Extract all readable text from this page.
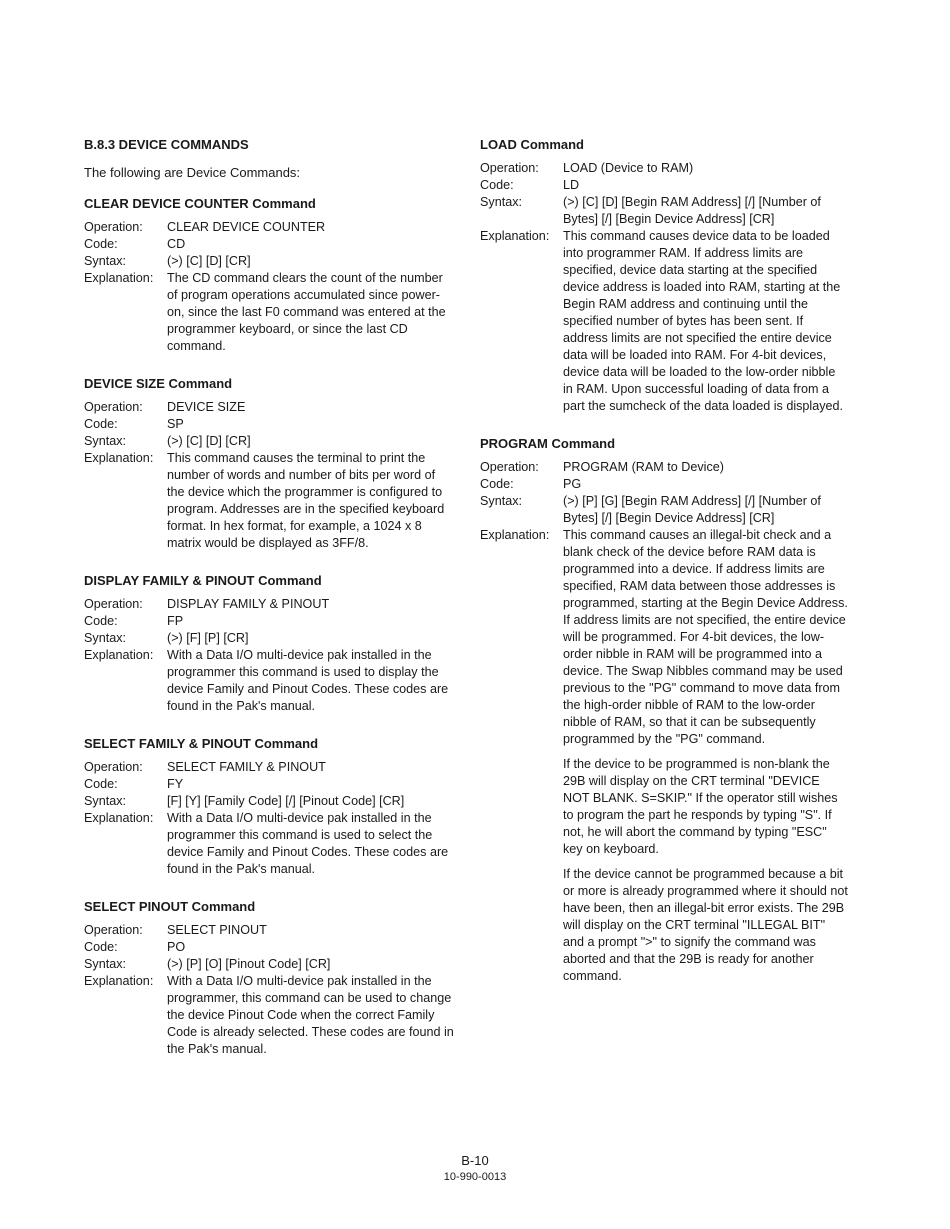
B.8.3 DEVICE COMMANDS
The following are Device Commands:
CLEAR DEVICE COUNTER Command
Operation:	CLEAR DEVICE COUNTER
Code:	CD
Syntax:	(>) [C] [D] [CR]
Explanation:	The CD command clears the count of the number of program operations accumulated since power-on, since the last F0 command was entered at the programmer keyboard, or since the last CD command.
DEVICE SIZE Command
Operation:	DEVICE SIZE
Code:	SP
Syntax:	(>) [C] [D] [CR]
Explanation:	This command causes the terminal to print the number of words and number of bits per word of the device which the programmer is configured to program. Addresses are in the specified keyboard format. In hex format, for example, a 1024 x 8 matrix would be displayed as 3FF/8.
DISPLAY FAMILY & PINOUT Command
Operation:	DISPLAY FAMILY & PINOUT
Code:	FP
Syntax:	(>) [F] [P] [CR]
Explanation:	With a Data I/O multi-device pak installed in the programmer this command is used to display the device Family and Pinout Codes. These codes are found in the Pak's manual.
SELECT FAMILY & PINOUT Command
Operation:	SELECT FAMILY & PINOUT
Code:	FY
Syntax:	[F] [Y] [Family Code] [/] [Pinout Code] [CR]
Explanation:	With a Data I/O multi-device pak installed in the programmer this command is used to select the device Family and Pinout Codes. These codes are found in the Pak's manual.
SELECT PINOUT Command
Operation:	SELECT PINOUT
Code:	PO
Syntax:	(>) [P] [O] [Pinout Code] [CR]
Explanation:	With a Data I/O multi-device pak installed in the programmer, this command can be used to change the device Pinout Code when the correct Family Code is already selected. These codes are found in the Pak's manual.
LOAD Command
Operation:	LOAD (Device to RAM)
Code:	LD
Syntax:	(>) [C] [D] [Begin RAM Address] [/] [Number of Bytes] [/] [Begin Device Address] [CR]
Explanation:	This command causes device data to be loaded into programmer RAM. If address limits are specified, device data starting at the specified device address is loaded into RAM, starting at the Begin RAM address and continuing until the specified number of bytes has been sent. If address limits are not specified the entire device data will be loaded into RAM. For 4-bit devices, device data will be loaded to the low-order nibble in RAM. Upon successful loading of data from a part the sumcheck of the data loaded is displayed.
PROGRAM Command
Operation:	PROGRAM (RAM to Device)
Code:	PG
Syntax:	(>) [P] [G] [Begin RAM Address] [/] [Number of Bytes] [/] [Begin Device Address] [CR]
Explanation:	This command causes an illegal-bit check and a blank check of the device before RAM data is programmed into a device. If address limits are specified, RAM data between those addresses is programmed, starting at the Begin Device Address. If address limits are not specified, the entire device will be programmed. For 4-bit devices, the low-order nibble in RAM will be programmed into a device. The Swap Nibbles command may be used previous to the "PG" command to move data from the high-order nibble of RAM to the low-order nibble of RAM, so that it can be subsequently programmed by the "PG" command.
If the device to be programmed is non-blank the 29B will display on the CRT terminal "DEVICE NOT BLANK. S=SKIP." If the operator still wishes to program the part he responds by typing "S". If not, he will abort the command by typing "ESC" key on keyboard.
If the device cannot be programmed because a bit or more is already programmed where it should not have been, then an illegal-bit error exists. The 29B will display on the CRT terminal "ILLEGAL BIT" and a prompt ">" to signify the command was aborted and that the 29B is ready for another command.
B-10
10-990-0013
